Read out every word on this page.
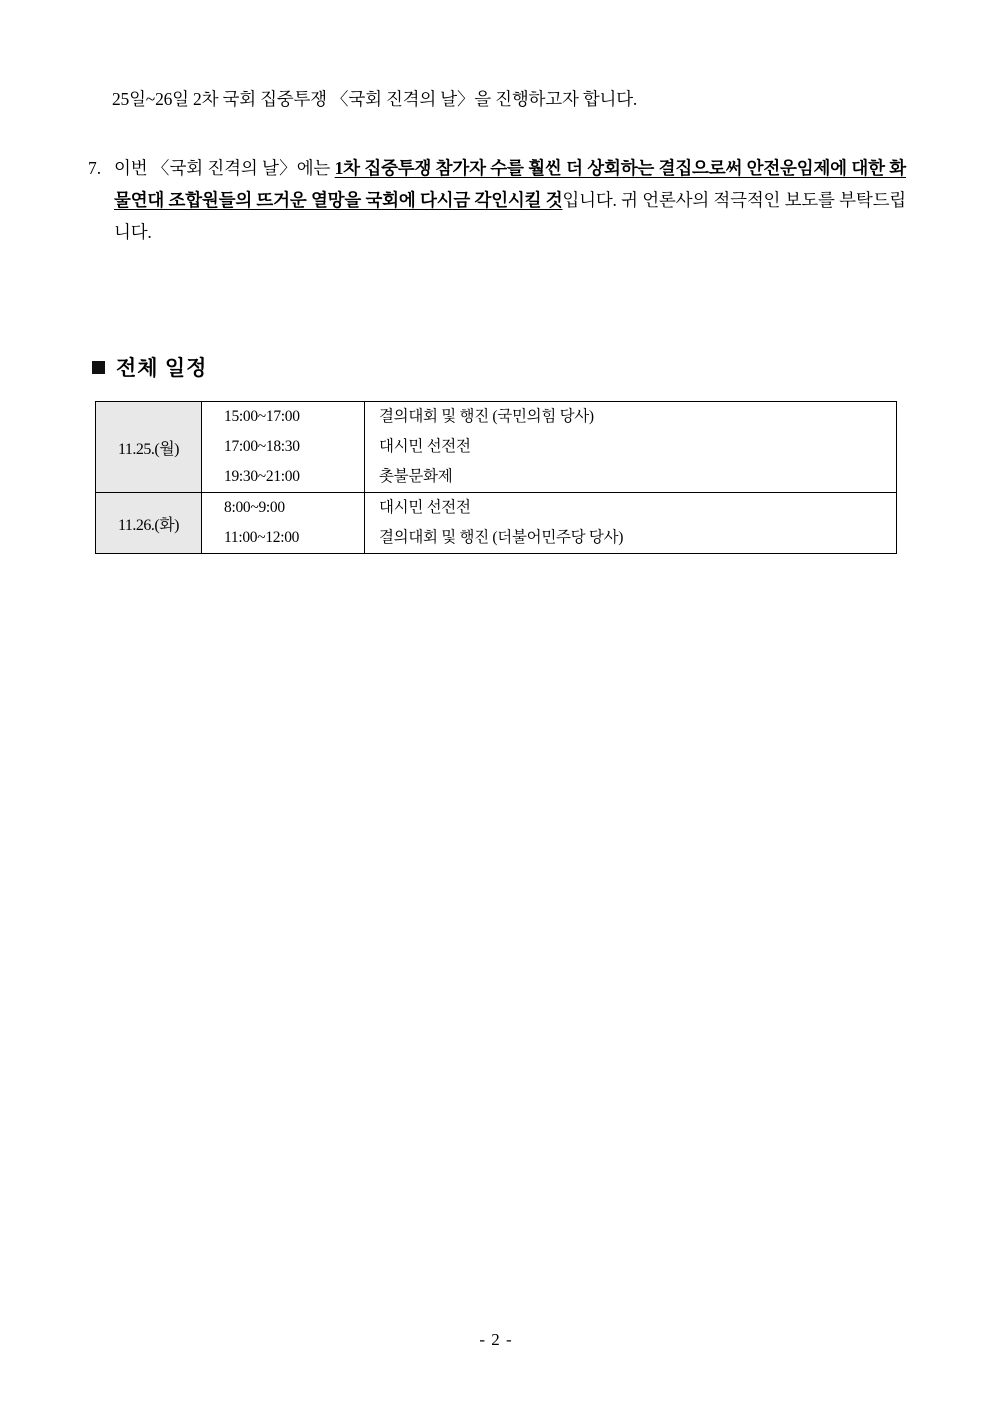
25일~26일 2차 국회 집중투쟁 〈국회 진격의 날〉을 진행하고자 합니다.
7. 이번 〈국회 진격의 날〉에는 1차 집중투쟁 참가자 수를 훨씬 더 상회하는 결집으로써 안전운임제에 대한 화물연대 조합원들의 뜨거운 열망을 국회에 다시금 각인시킬 것입니다. 귀 언론사의 적극적인 보도를 부탁드립니다.
전체 일정
11.25.(월)	
15:00~17:00	결의대회 및 행진 (국민의힘 당사)
17:00~18:30	대시민 선전전
19:30~21:00	촛불문화제

11.26.(화)	
8:00~9:00	대시민 선전전
11:00~12:00	결의대회 및 행진 (더불어민주당 당사)
- 2 -
